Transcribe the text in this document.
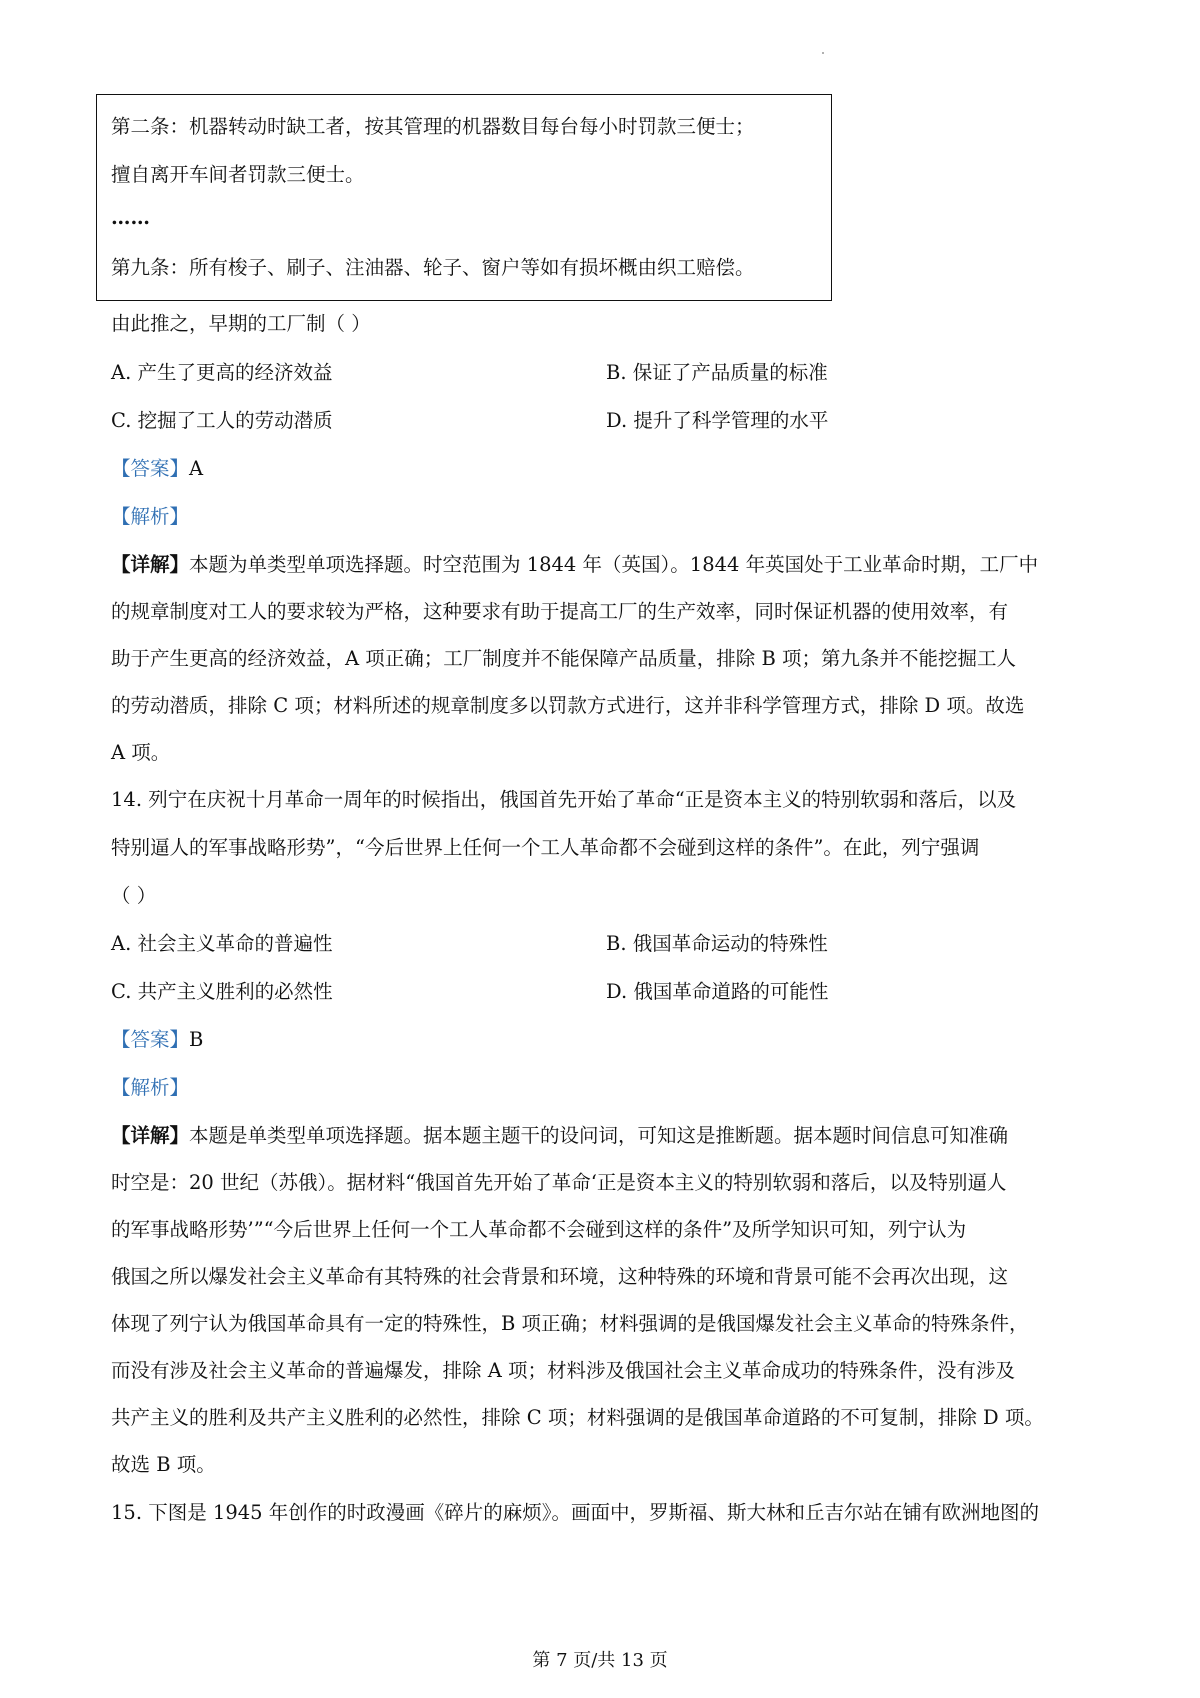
第二条：机器转动时缺工者，按其管理的机器数目每台每小时罚款三便士；
擅自离开车间者罚款三便士。
……
第九条：所有梭子、刷子、注油器、轮子、窗户等如有损坏概由织工赔偿。
由此推之，早期的工厂制（ ）
A. 产生了更高的经济效益	B. 保证了产品质量的标准
C. 挖掘了工人的劳动潜质	D. 提升了科学管理的水平
【答案】A
【解析】
【详解】本题为单类型单项选择题。时空范围为 1844 年（英国）。1844 年英国处于工业革命时期，工厂中
的规章制度对工人的要求较为严格，这种要求有助于提高工厂的生产效率，同时保证机器的使用效率，有
助于产生更高的经济效益，A 项正确；工厂制度并不能保障产品质量，排除 B 项；第九条并不能挖掘工人
的劳动潜质，排除 C 项；材料所述的规章制度多以罚款方式进行，这并非科学管理方式，排除 D 项。故选
A 项。
14. 列宁在庆祝十月革命一周年的时候指出，俄国首先开始了革命“正是资本主义的特别软弱和落后，以及
特别逼人的军事战略形势”，“今后世界上任何一个工人革命都不会碰到这样的条件”。在此，列宁强调
（ ）
A. 社会主义革命的普遍性	B. 俄国革命运动的特殊性
C. 共产主义胜利的必然性	D. 俄国革命道路的可能性
【答案】B
【解析】
【详解】本题是单类型单项选择题。据本题主题干的设问词，可知这是推断题。据本题时间信息可知准确
时空是：20 世纪（苏俄）。据材料“俄国首先开始了革命‘正是资本主义的特别软弱和落后，以及特别逼人
的军事战略形势’”“今后世界上任何一个工人革命都不会碰到这样的条件”及所学知识可知，列宁认为
俄国之所以爆发社会主义革命有其特殊的社会背景和环境，这种特殊的环境和背景可能不会再次出现，这
体现了列宁认为俄国革命具有一定的特殊性，B 项正确；材料强调的是俄国爆发社会主义革命的特殊条件，
而没有涉及社会主义革命的普遍爆发，排除 A 项；材料涉及俄国社会主义革命成功的特殊条件，没有涉及
共产主义的胜利及共产主义胜利的必然性，排除 C 项；材料强调的是俄国革命道路的不可复制，排除 D 项。
故选 B 项。
15. 下图是 1945 年创作的时政漫画《碎片的麻烦》。画面中，罗斯福、斯大林和丘吉尔站在铺有欧洲地图的
第 7 页/共 13 页
